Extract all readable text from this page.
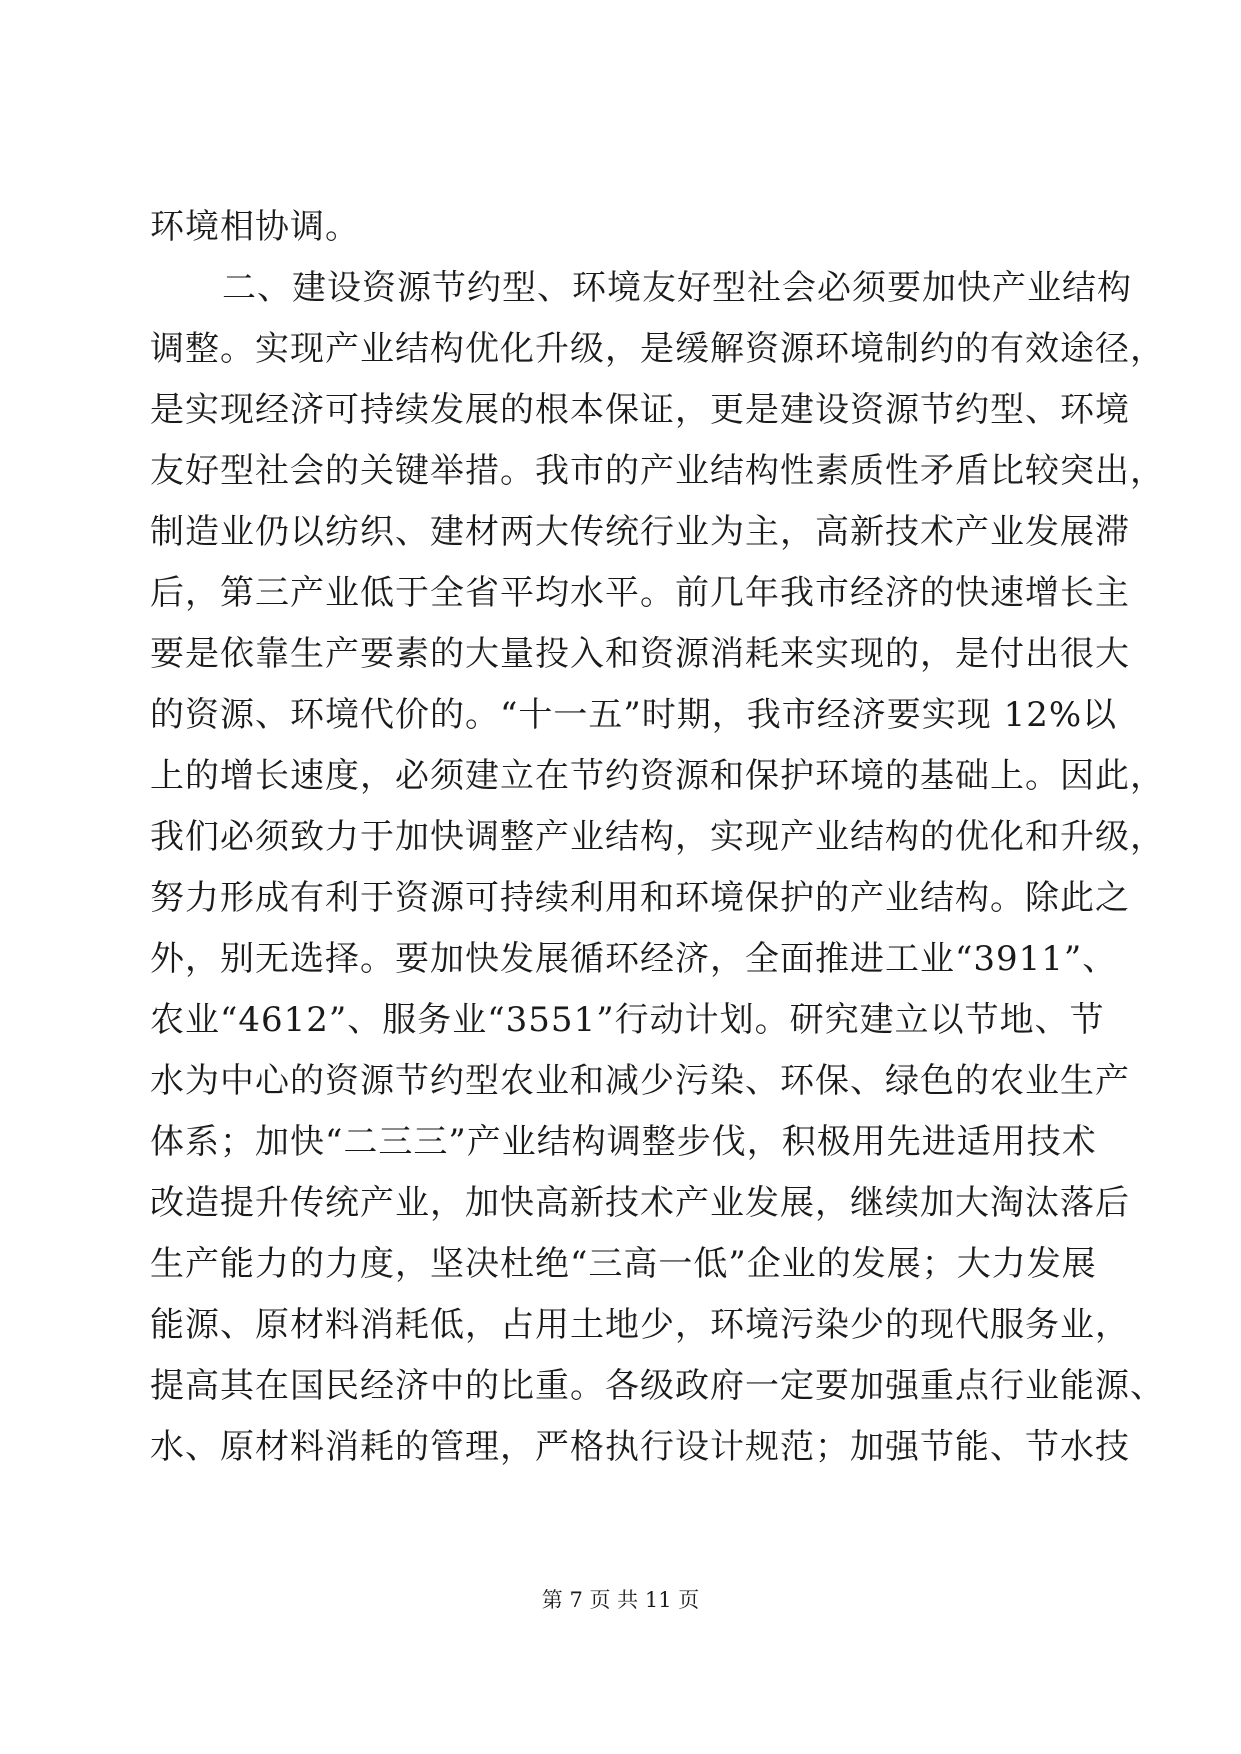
环境相协调。
二、建设资源节约型、环境友好型社会必须要加快产业结构
调整。实现产业结构优化升级，是缓解资源环境制约的有效途径，
是实现经济可持续发展的根本保证，更是建设资源节约型、环境
友好型社会的关键举措。我市的产业结构性素质性矛盾比较突出，
制造业仍以纺织、建材两大传统行业为主，高新技术产业发展滞
后，第三产业低于全省平均水平。前几年我市经济的快速增长主
要是依靠生产要素的大量投入和资源消耗来实现的，是付出很大
的资源、环境代价的。“十一五”时期，我市经济要实现 12%以
上的增长速度，必须建立在节约资源和保护环境的基础上。因此，
我们必须致力于加快调整产业结构，实现产业结构的优化和升级，
努力形成有利于资源可持续利用和环境保护的产业结构。除此之
外，别无选择。要加快发展循环经济，全面推进工业“3911”、
农业“4612”、服务业“3551”行动计划。研究建立以节地、节
水为中心的资源节约型农业和减少污染、环保、绿色的农业生产
体系；加快“二三三”产业结构调整步伐，积极用先进适用技术
改造提升传统产业，加快高新技术产业发展，继续加大淘汰落后
生产能力的力度，坚决杜绝“三高一低”企业的发展；大力发展
能源、原材料消耗低，占用土地少，环境污染少的现代服务业，
提高其在国民经济中的比重。各级政府一定要加强重点行业能源、
水、原材料消耗的管理，严格执行设计规范；加强节能、节水技
第 7 页 共 11 页
